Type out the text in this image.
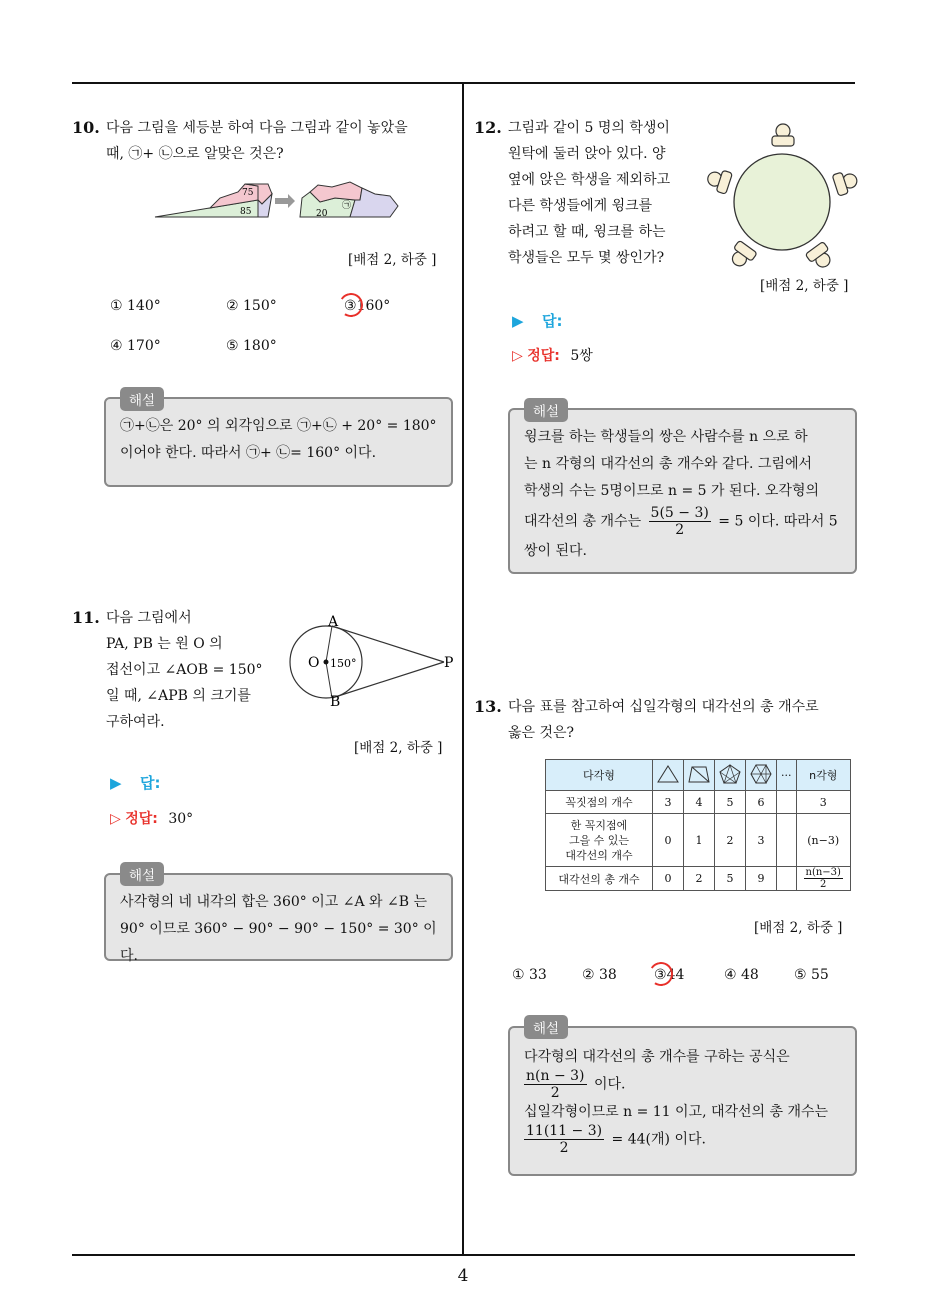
4
10. 다음 그림을 세등분 하여 다음 그림과 같이 놓았을
때, ㉠+ ㉡으로 알맞은 것은?
75
85	20
㉠
[배점 2, 하중 ]
① 140°	② 150°	③160°
④ 170°	⑤ 180°
㉠+㉡은 20° 의 외각임으로 ㉠+㉡ + 20° = 180°
이어야 한다. 따라서 ㉠+ ㉡= 160° 이다.
해설
11. 다음 그림에서
PA, PB 는 원 O 의
접선이고 ∠AOB = 150°
일 때, ∠APB 의 크기를
구하여라.
A
O 150°	P
B
[배점 2, 하중 ]
▶ 답:
▷ 정답: 30°
사각형의 네 내각의 합은 360° 이고 ∠A 와 ∠B 는
90° 이므로 360° − 90° − 90° − 150° = 30° 이다.
해설
12. 그림과 같이 5 명의 학생이
원탁에 둘러 앉아 있다. 양
옆에 앉은 학생을 제외하고
다른 학생들에게 윙크를
하려고 할 때, 윙크를 하는
학생들은 모두 몇 쌍인가?
[배점 2, 하중 ]
▶ 답:
▷ 정답: 5쌍
윙크를 하는 학생들의 쌍은 사람수를 n 으로 하
는 n 각형의 대각선의 총 개수와 같다. 그림에서
학생의 수는 5명이므로 n = 5 가 된다. 오각형의
대각선의 총 개수는 $\frac{5(5 - 3)}{2} = 5$ 이다. 따라서 5
쌍이 된다.
해설
13. 다음 표를 참고하여 십일각형의 대각선의 총 개수로
옳은 것은?
다각형					···	n각형
꼭짓점의 개수	3	4	5	6		3

한 꼭지점에
그을 수 있는
대각선의 개수	0	1	2	3		(n−3)
대각선의 총 개수	0	2	5	9		$\frac{n(n-3)}{2}$
[배점 2, 하중 ]
① 33	② 38	③44	④ 48	⑤ 55
다각형의 대각선의 총 개수를 구하는 공식은
$\frac{n(n - 3)}{2}$ 이다.
십일각형이므로 n = 11 이고, 대각선의 총 개수는
$\frac{11(11 - 3)}{2} = 44$(개) 이다.
해설
